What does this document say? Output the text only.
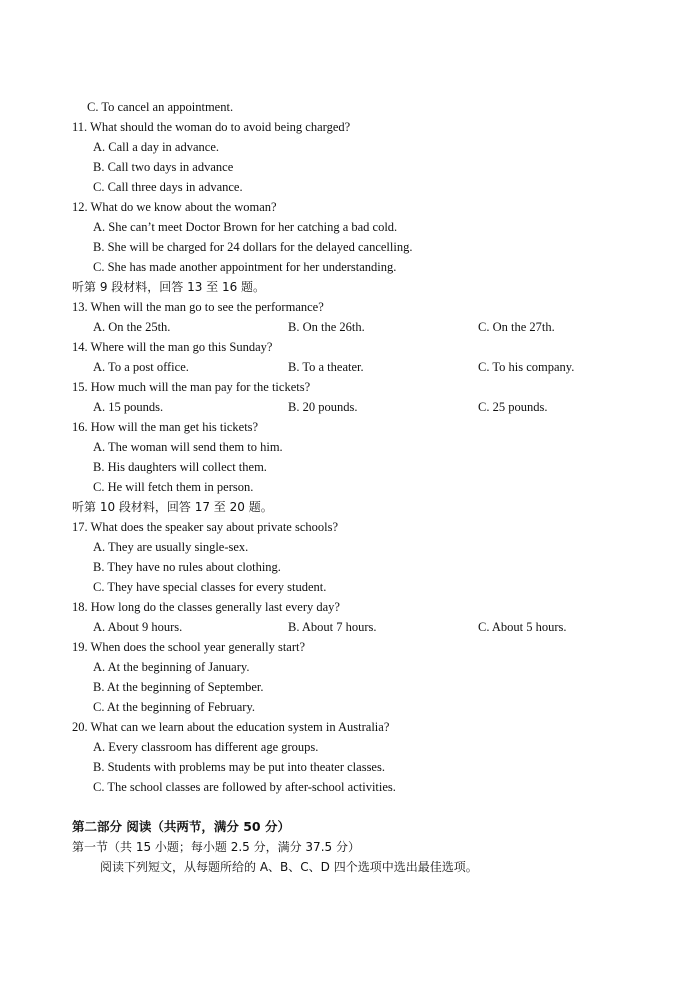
C. To cancel an appointment.
11. What should the woman do to avoid being charged?
A. Call a day in advance.
B. Call two days in advance
C. Call three days in advance.
12. What do we know about the woman?
A. She can’t meet Doctor Brown for her catching a bad cold.
B. She will be charged for 24 dollars for the delayed cancelling.
C. She has made another appointment for her understanding.
听第 9 段材料，回答 13 至 16 题。
13. When will the man go to see the performance?
A. On the 25th.	B. On the 26th.	C. On the 27th.
14. Where will the man go this Sunday?
A. To a post office.	B. To a theater.	C. To his company.
15. How much will the man pay for the tickets?
A. 15 pounds.	B. 20 pounds.	C. 25 pounds.
16. How will the man get his tickets?
A. The woman will send them to him.
B. His daughters will collect them.
C. He will fetch them in person.
听第 10 段材料，回答 17 至 20 题。
17. What does the speaker say about private schools?
A. They are usually single-sex.
B. They have no rules about clothing.
C. They have special classes for every student.
18. How long do the classes generally last every day?
A. About 9 hours.	B. About 7 hours.	C. About 5 hours.
19. When does the school year generally start?
A. At the beginning of January.
B. At the beginning of September.
C. At the beginning of February.
20. What can we learn about the education system in Australia?
A. Every classroom has different age groups.
B. Students with problems may be put into theater classes.
C. The school classes are followed by after-school activities.
第二部分 阅读（共两节，满分 50 分）
第一节（共 15 小题；每小题 2.5 分，满分 37.5 分）
阅读下列短文，从每题所给的 A、B、C、D 四个选项中选出最佳选项。
